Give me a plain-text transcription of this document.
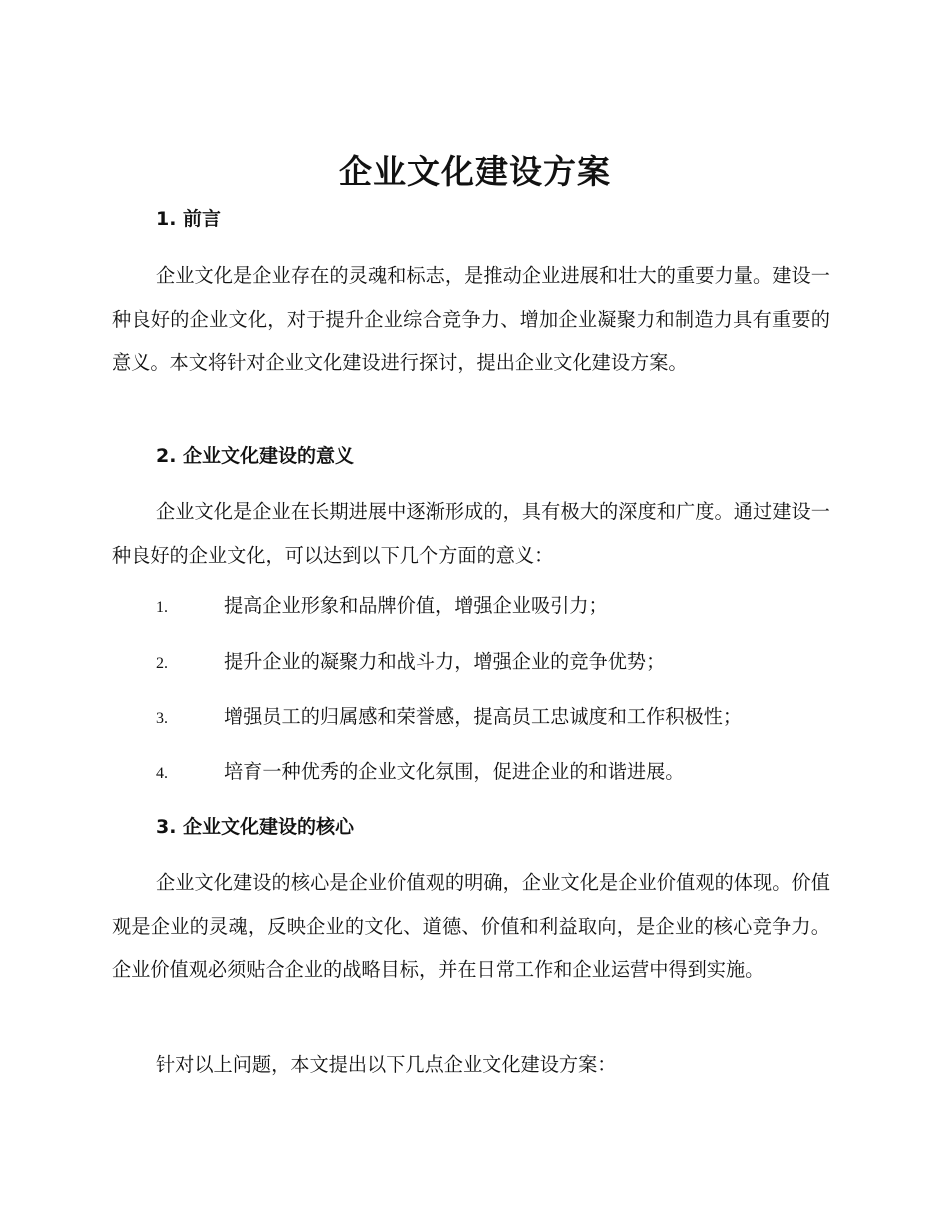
企业文化建设方案
1. 前言

企业文化是企业存在的灵魂和标志，是推动企业进展和壮大的重要力量。建设一种良好的企业文化，对于提升企业综合竞争力、增加企业凝聚力和制造力具有重要的意义。本文将针对企业文化建设进行探讨，提出企业文化建设方案。

2. 企业文化建设的意义

企业文化是企业在长期进展中逐渐形成的，具有极大的深度和广度。通过建设一种良好的企业文化，可以达到以下几个方面的意义：

1.	提高企业形象和品牌价值，增强企业吸引力；
2.	提升企业的凝聚力和战斗力，增强企业的竞争优势；
3.	增强员工的归属感和荣誉感，提高员工忠诚度和工作积极性；
4.	培育一种优秀的企业文化氛围，促进企业的和谐进展。
3. 企业文化建设的核心

企业文化建设的核心是企业价值观的明确，企业文化是企业价值观的体现。价值观是企业的灵魂，反映企业的文化、道德、价值和利益取向，是企业的核心竞争力。企业价值观必须贴合企业的战略目标，并在日常工作和企业运营中得到实施。

针对以上问题，本文提出以下几点企业文化建设方案：
